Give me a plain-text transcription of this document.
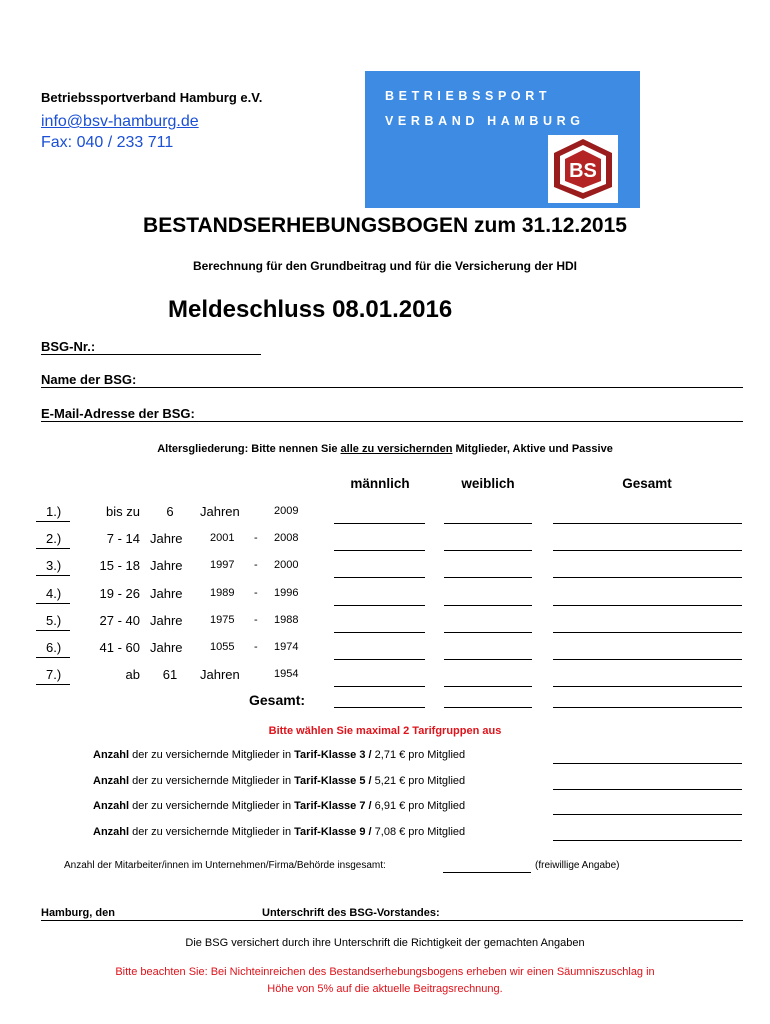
Betriebssportverband Hamburg e.V.
info@bsv-hamburg.de
Fax: 040 / 233 711
BETRIEBSSPORT
VERBAND HAMBURG
BS
BESTANDSERHEBUNGSBOGEN zum 31.12.2015
Berechnung für den Grundbeitrag und für die Versicherung der HDI
Meldeschluss 08.01.2016
BSG-Nr.:
Name der BSG:
E-Mail-Adresse der BSG:
Altersgliederung: Bitte nennen Sie alle zu versichernden Mitglieder, Aktive und Passive
männlich	weiblich	Gesamt
1.)	bis zu	6	Jahren	2009
2.)	7 - 14 Jahre 2001 - 2008
3.)	15 - 18 Jahre 1997 - 2000
4.)	19 - 26 Jahre 1989 - 1996
5.)	27 - 40 Jahre 1975 - 1988
6.)	41 - 60 Jahre 1055 - 1974
7.)	ab	61	Jahren	1954
Gesamt:
Bitte wählen Sie maximal 2 Tarifgruppen aus
Anzahl der zu versichernde Mitglieder in Tarif-Klasse 3 / 2,71 € pro Mitglied
Anzahl der zu versichernde Mitglieder in Tarif-Klasse 5 / 5,21 € pro Mitglied
Anzahl der zu versichernde Mitglieder in Tarif-Klasse 7 / 6,91 € pro Mitglied
Anzahl der zu versichernde Mitglieder in Tarif-Klasse 9 / 7,08 € pro Mitglied
Anzahl der Mitarbeiter/innen im Unternehmen/Firma/Behörde insgesamt:	(freiwillige Angabe)
Hamburg, den	Unterschrift des BSG-Vorstandes:
Die BSG versichert durch ihre Unterschrift die Richtigkeit der gemachten Angaben
Bitte beachten Sie: Bei Nichteinreichen des Bestandserhebungsbogens erheben wir einen Säumniszuschlag in
Höhe von 5% auf die aktuelle Beitragsrechnung.
